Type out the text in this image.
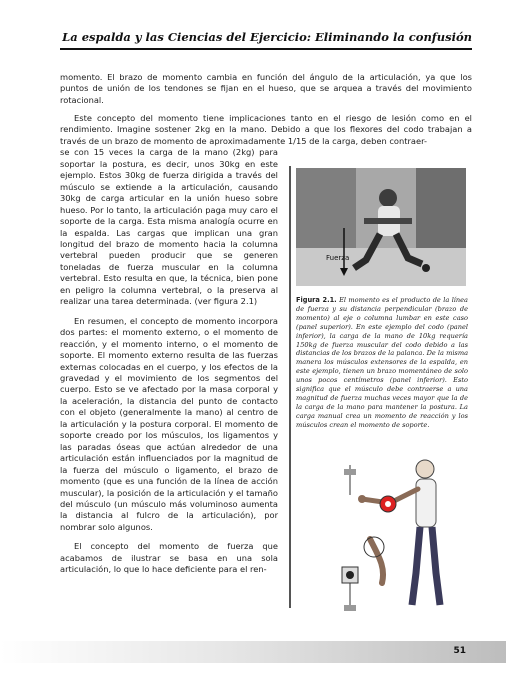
La espalda y las Ciencias del Ejercicio: Eliminando la confusión

momento. El brazo de momento cambia en función del ángulo de la articulación, ya que los puntos de unión de los tendones se fijan en el hueso, que se arquea a través del movimiento rotacional.

Este concepto del momento tiene implicaciones tanto en el riesgo de lesión como en el rendimiento. Imagine sostener 2kg en la mano. Debido a que los flexores del codo trabajan a través de un brazo de momento de aproximadamente 1/15 de la carga, deben contraer-

se con 15 veces la carga de la mano (2kg) para soportar la postura, es decir, unos 30kg en este ejemplo. Estos 30kg de fuerza dirigida a través del músculo se extiende a la articulación, causando 30kg de carga articular en la unión hueso sobre hueso. Por lo tanto, la articulación paga muy caro el soporte de la carga. Esta misma analogía ocurre en la espalda. Las cargas que implican una gran longitud del brazo de momento hacia la columna vertebral pueden producir que se generen toneladas de fuerza muscular en la columna vertebral. Esto resulta en que, la técnica, bien pone en peligro la columna vertebral, o la preserva al realizar una tarea determinada. (ver figura 2.1)

En resumen, el concepto de momento incorpora dos partes: el momento externo, o el momento de reacción, y el momento interno, o el momento de soporte. El momento externo resulta de las fuerzas externas colocadas en el cuerpo, y los efectos de la gravedad y el movimiento de los segmentos del cuerpo. Esto se ve afectado por la masa corporal y la aceleración, la distancia del punto de contacto con el objeto (generalmente la mano) al centro de la articulación y la postura corporal. El momento de soporte creado por los músculos, los ligamentos y las paradas óseas que actúan alrededor de una articulación están influenciados por la magnitud de la fuerza del músculo o ligamento, el brazo de momento (que es una función de la línea de acción muscular), la posición de la articulación y el tamaño del músculo (un músculo más voluminoso aumenta la distancia al fulcro de la articulación), por nombrar solo algunos.

El concepto del momento de fuerza que acabamos de ilustrar se basa en una sola articulación, lo que lo hace deficiente para el ren-

Fuerza
Figura 2.1. El momento es el producto de la línea de fuerza y su distancia perpendicular (brazo de momento) al eje o columna lumbar en este caso (panel superior). En este ejemplo del codo (panel inferior), la carga de la mano de 10kg requería 150kg de fuerza muscular del codo debido a las distancias de los brazos de la palanca. De la misma manera los músculos extensores de la espalda, en este ejemplo, tienen un brazo momentáneo de solo unos pocos centímetros (panel inferior). Esto significa que el músculo debe contraerse a una magnitud de fuerza muchas veces mayor que la de la carga de la mano para mantener la postura. La carga manual crea un momento de reacción y los músculos crean el momento de soporte.
51
